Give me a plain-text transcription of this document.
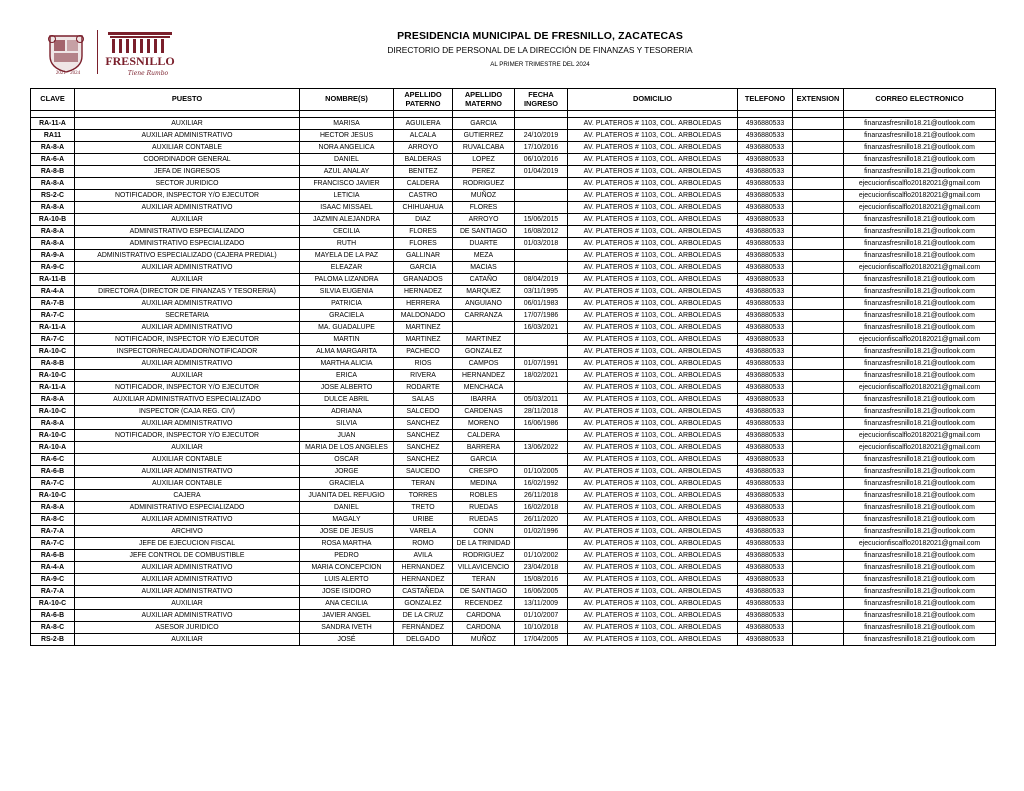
2021 · 2024
FRESNILLO
Tiene Rumbo
PRESIDENCIA MUNICIPAL DE FRESNILLO, ZACATECAS
DIRECTORIO DE PERSONAL DE LA DIRECCIÓN DE FINANZAS Y TESORERIA
AL PRIMER TRIMESTRE DEL 2024
CLAVE	PUESTO	NOMBRE(S)	APELLIDO PATERNO	APELLIDO MATERNO	FECHA INGRESO	DOMICILIO	TELEFONO	EXTENSION	CORREO ELECTRONICO

RA-11-A	AUXILIAR	MARISA	AGUILERA	GARCIA		AV. PLATEROS # 1103, COL. ARBOLEDAS	4936880533		finanzasfresnillo18.21@outlook.com
RA11	AUXILIAR ADMINISTRATIVO	HECTOR JESUS	ALCALA	GUTIERREZ	24/10/2019	AV. PLATEROS # 1103, COL. ARBOLEDAS	4936880533		finanzasfresnillo18.21@outlook.com
RA-8-A	AUXILIAR CONTABLE	NORA ANGELICA	ARROYO	RUVALCABA	17/10/2016	AV. PLATEROS # 1103, COL. ARBOLEDAS	4936880533		finanzasfresnillo18.21@outlook.com
RA-6-A	COORDINADOR GENERAL	DANIEL	BALDERAS	LOPEZ	06/10/2016	AV. PLATEROS # 1103, COL. ARBOLEDAS	4936880533		finanzasfresnillo18.21@outlook.com
RA-8-B	JEFA DE INGRESOS	AZUL ANALAY	BENITEZ	PEREZ	01/04/2019	AV. PLATEROS # 1103, COL. ARBOLEDAS	4936880533		finanzasfresnillo18.21@outlook.com
RA-8-A	SECTOR JURIDICO	FRANCISCO JAVIER	CALDERA	RODRIGUEZ		AV. PLATEROS # 1103, COL. ARBOLEDAS	4936880533		ejecucionfiscalflo20182021@gmail.com
RS-2-C	NOTIFICADOR, INSPECTOR Y/O EJECUTOR	LETICIA	CASTRO	MUÑOZ		AV. PLATEROS # 1103, COL. ARBOLEDAS	4936880533		ejecucionfiscalflo20182021@gmail.com
RA-8-A	AUXILIAR ADMINISTRATIVO	ISAAC MISSAEL	CHIHUAHUA	FLORES		AV. PLATEROS # 1103, COL. ARBOLEDAS	4936880533		ejecucionfiscalflo20182021@gmail.com
RA-10-B	AUXILIAR	JAZMIN ALEJANDRA	DIAZ	ARROYO	15/06/2015	AV. PLATEROS # 1103, COL. ARBOLEDAS	4936880533		finanzasfresnillo18.21@outlook.com
RA-8-A	ADMINISTRATIVO ESPECIALIZADO	CECILIA	FLORES	DE SANTIAGO	16/08/2012	AV. PLATEROS # 1103, COL. ARBOLEDAS	4936880533		finanzasfresnillo18.21@outlook.com
RA-8-A	ADMINISTRATIVO ESPECIALIZADO	RUTH	FLORES	DUARTE	01/03/2018	AV. PLATEROS # 1103, COL. ARBOLEDAS	4936880533		finanzasfresnillo18.21@outlook.com
RA-9-A	ADMINISTRATIVO ESPECIALIZADO (CAJERA PREDIAL)	MAYELA DE LA PAZ	GALLINAR	MEZA		AV. PLATEROS # 1103, COL. ARBOLEDAS	4936880533		finanzasfresnillo18.21@outlook.com
RA-9-C	AUXILIAR ADMINISTRATIVO	ELEAZAR	GARCIA	MACIAS		AV. PLATEROS # 1103, COL. ARBOLEDAS	4936880533		ejecucionfiscalflo20182021@gmail.com
RA-11-B	AUXILIAR	PALOMA LIZANDRA	GRANADOS	CATAÑO	08/04/2019	AV. PLATEROS # 1103, COL. ARBOLEDAS	4936880533		finanzasfresnillo18.21@outlook.com
RA-4-A	DIRECTORA (DIRECTOR DE FINANZAS Y TESORERIA)	SILVIA EUGENIA	HERNADEZ	MARQUEZ	03/11/1995	AV. PLATEROS # 1103, COL. ARBOLEDAS	4936880533		finanzasfresnillo18.21@outlook.com
RA-7-B	AUXILIAR ADMINISTRATIVO	PATRICIA	HERRERA	ANGUIANO	06/01/1983	AV. PLATEROS # 1103, COL. ARBOLEDAS	4936880533		finanzasfresnillo18.21@outlook.com
RA-7-C	SECRETARIA	GRACIELA	MALDONADO	CARRANZA	17/07/1986	AV. PLATEROS # 1103, COL. ARBOLEDAS	4936880533		finanzasfresnillo18.21@outlook.com
RA-11-A	AUXILIAR ADMINISTRATIVO	MA. GUADALUPE	MARTINEZ		16/03/2021	AV. PLATEROS # 1103, COL. ARBOLEDAS	4936880533		finanzasfresnillo18.21@outlook.com
RA-7-C	NOTIFICADOR, INSPECTOR Y/O EJECUTOR	MARTIN	MARTINEZ	MARTINEZ		AV. PLATEROS # 1103, COL. ARBOLEDAS	4936880533		ejecucionfiscalflo20182021@gmail.com
RA-10-C	INSPECTOR/RECAUDADOR/NOTIFICADOR	ALMA MARGARITA	PACHECO	GONZALEZ		AV. PLATEROS # 1103, COL. ARBOLEDAS	4936880533		finanzasfresnillo18.21@outlook.com
RA-8-B	AUXILIAR ADMINISTRATIVO	MARTHA ALICIA	RIOS	CAMPOS	01/07/1991	AV. PLATEROS # 1103, COL. ARBOLEDAS	4936880533		finanzasfresnillo18.21@outlook.com
RA-10-C	AUXILIAR	ERICA	RIVERA	HERNANDEZ	18/02/2021	AV. PLATEROS # 1103, COL. ARBOLEDAS	4936880533		finanzasfresnillo18.21@outlook.com
RA-11-A	NOTIFICADOR, INSPECTOR Y/O EJECUTOR	JOSE ALBERTO	RODARTE	MENCHACA		AV. PLATEROS # 1103, COL. ARBOLEDAS	4936880533		ejecucionfiscalflo20182021@gmail.com
RA-8-A	AUXILIAR ADMINISTRATIVO ESPECIALIZADO	DULCE ABRIL	SALAS	IBARRA	05/03/2011	AV. PLATEROS # 1103, COL. ARBOLEDAS	4936880533		finanzasfresnillo18.21@outlook.com
RA-10-C	INSPECTOR (CAJA REG. CIV)	ADRIANA	SALCEDO	CARDENAS	28/11/2018	AV. PLATEROS # 1103, COL. ARBOLEDAS	4936880533		finanzasfresnillo18.21@outlook.com
RA-8-A	AUXILIAR ADMINISTRATIVO	SILVIA	SANCHEZ	MORENO	16/06/1986	AV. PLATEROS # 1103, COL. ARBOLEDAS	4936880533		finanzasfresnillo18.21@outlook.com
RA-10-C	NOTIFICADOR, INSPECTOR Y/O EJECUTOR	JUAN	SANCHEZ	CALDERA		AV. PLATEROS # 1103, COL. ARBOLEDAS	4936880533		ejecucionfiscalflo20182021@gmail.com
RA-10-A	AUXILIAR	MARIA DE LOS ANGELES	SANCHEZ	BARRERA	13/06/2022	AV. PLATEROS # 1103, COL. ARBOLEDAS	4936880533		ejecucionfiscalflo20182021@gmail.com
RA-6-C	AUXILIAR CONTABLE	OSCAR	SANCHEZ	GARCIA		AV. PLATEROS # 1103, COL. ARBOLEDAS	4936880533		finanzasfresnillo18.21@outlook.com
RA-6-B	AUXILIAR ADMINISTRATIVO	JORGE	SAUCEDO	CRESPO	01/10/2005	AV. PLATEROS # 1103, COL. ARBOLEDAS	4936880533		finanzasfresnillo18.21@outlook.com
RA-7-C	AUXILIAR CONTABLE	GRACIELA	TERAN	MEDINA	16/02/1992	AV. PLATEROS # 1103, COL. ARBOLEDAS	4936880533		finanzasfresnillo18.21@outlook.com
RA-10-C	CAJERA	JUANITA DEL REFUGIO	TORRES	ROBLES	26/11/2018	AV. PLATEROS # 1103, COL. ARBOLEDAS	4936880533		finanzasfresnillo18.21@outlook.com
RA-8-A	ADMINISTRATIVO ESPECIALIZADO	DANIEL	TRETO	RUEDAS	16/02/2018	AV. PLATEROS # 1103, COL. ARBOLEDAS	4936880533		finanzasfresnillo18.21@outlook.com
RA-8-C	AUXILIAR ADMINISTRATIVO	MAGALY	URIBE	RUEDAS	26/11/2020	AV. PLATEROS # 1103, COL. ARBOLEDAS	4936880533		finanzasfresnillo18.21@outlook.com
RA-7-A	ARCHIVO	JOSE DE JESUS	VARELA	CONN	01/02/1996	AV. PLATEROS # 1103, COL. ARBOLEDAS	4936880533		finanzasfresnillo18.21@outlook.com
RA-7-C	JEFE DE EJECUCION FISCAL	ROSA MARTHA	ROMO	DE LA TRINIDAD		AV. PLATEROS # 1103, COL. ARBOLEDAS	4936880533		ejecucionfiscalflo20182021@gmail.com
RA-6-B	JEFE CONTROL DE COMBUSTIBLE	PEDRO	AVILA	RODRIGUEZ	01/10/2002	AV. PLATEROS # 1103, COL. ARBOLEDAS	4936880533		finanzasfresnillo18.21@outlook.com
RA-4-A	AUXILIAR ADMINISTRATIVO	MARIA CONCEPCION	HERNANDEZ	VILLAVICENCIO	23/04/2018	AV. PLATEROS # 1103, COL. ARBOLEDAS	4936880533		finanzasfresnillo18.21@outlook.com
RA-9-C	AUXILIAR ADMINISTRATIVO	LUIS ALERTO	HERNANDEZ	TERAN	15/08/2016	AV. PLATEROS # 1103, COL. ARBOLEDAS	4936880533		finanzasfresnillo18.21@outlook.com
RA-7-A	AUXILIAR ADMINISTRATIVO	JOSE ISIDORO	CASTAÑEDA	DE SANTIAGO	16/06/2005	AV. PLATEROS # 1103, COL. ARBOLEDAS	4936880533		finanzasfresnillo18.21@outlook.com
RA-10-C	AUXILIAR	ANA CECILIA	GONZALEZ	RECENDEZ	13/11/2009	AV. PLATEROS # 1103, COL. ARBOLEDAS	4936880533		finanzasfresnillo18.21@outlook.com
RA-6-B	AUXILIAR ADMINISTRATIVO	JAVIER ANGEL	DE LA CRUZ	CARDONA	01/10/2007	AV. PLATEROS # 1103, COL. ARBOLEDAS	4936880533		finanzasfresnillo18.21@outlook.com
RA-8-C	ASESOR JURIDICO	SANDRA IVETH	FERNÁNDEZ	CARDONA	10/10/2018	AV. PLATEROS # 1103, COL. ARBOLEDAS	4936880533		finanzasfresnillo18.21@outlook.com
RS-2-B	AUXILIAR	JOSÉ	DELGADO	MUÑOZ	17/04/2005	AV. PLATEROS # 1103, COL. ARBOLEDAS	4936880533		finanzasfresnillo18.21@outlook.com
